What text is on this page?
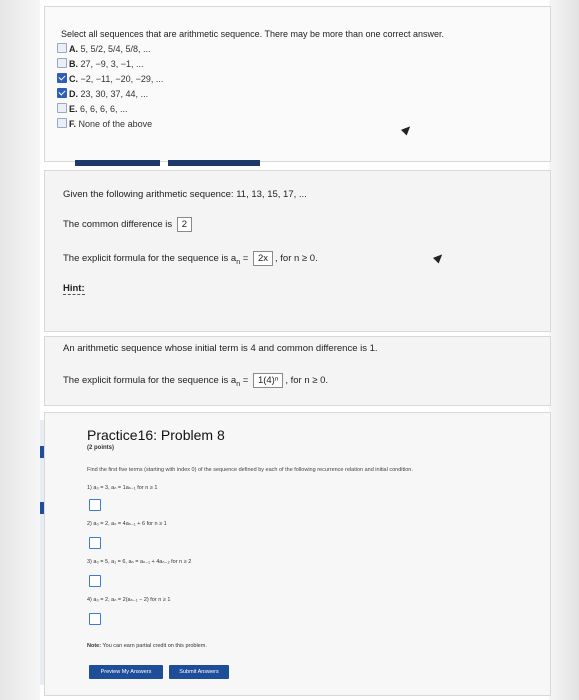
Select all sequences that are arithmetic sequence. There may be more than one correct answer.
A. 5, 5/2, 5/4, 5/8, ...
B. 27, −9, 3, −1, ...
C. −2, −11, −20, −29, ...
D. 23, 30, 37, 44, ...
E. 6, 6, 6, 6, ...
F. None of the above
Given the following arithmetic sequence: 11, 13, 15, 17, ...
The common difference is 2
The explicit formula for the sequence is $a_n = 2x$ , for n ≥ 0.
Hint:
An arithmetic sequence whose initial term is 4 and common difference is 1.
The explicit formula for the sequence is $a_n = 1(4)^n$ , for n ≥ 0.
Practice16: Problem 8
(2 points)
Find the first five terms (starting with index 0) of the sequence defined by each of the following recurrence relation and initial condition.
1) a₀ = 3, aₙ = 1aₙ₋₁ for n ≥ 1
2) a₀ = 2, aₙ = 4aₙ₋₁ + 6 for n ≥ 1
3) a₀ = 5, a₁ = 6, aₙ = aₙ₋₁ + 4aₙ₋₂ for n ≥ 2
4) a₀ = 2, aₙ = 2(aₙ₋₁ − 2) for n ≥ 1
Note: You can earn partial credit on this problem.
Preview My Answers	Submit Answers
